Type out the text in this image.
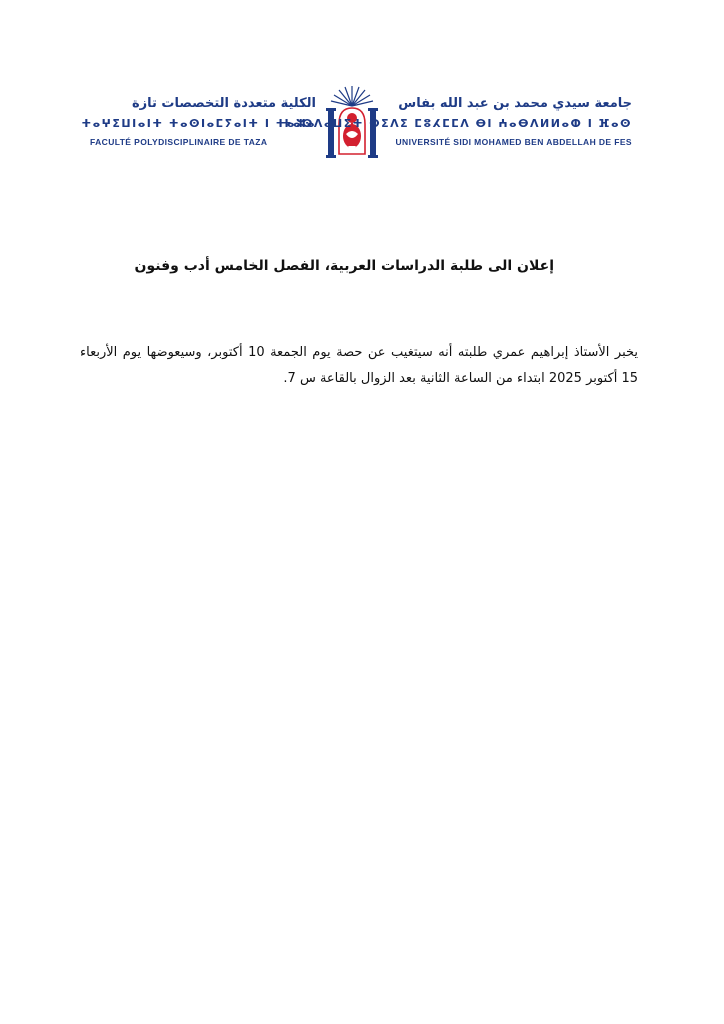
الكلية متعددة التخصصات تازة
ⵜⴰⵖⵉⵡⵏⴰⵏⵜ ⵜⴰⵙⵏⴰⵎⵢⴰⵏⵜ ⵏ ⵜⴰⵣⴰ
FACULTÉ POLYDISCIPLINAIRE DE TAZA
جامعة سيدي محمد بن عبد الله بفاس
ⵜⴰⵙⴷⴰⵡⵉⵜ ⵙⵉⴷⵉ ⵎⵓⵃⵎⵎⴷ ⴱⵏ ⵄⴰⴱⴷⵍⵍⴰⵀ ⵏ ⴼⴰⵙ
UNIVERSITÉ SIDI MOHAMED BEN ABDELLAH DE FES
إعلان الى طلبة الدراسات العربية، الفصل الخامس أدب وفنون

يخبر الأستاذ إبراهيم عمري طلبته أنه سيتغيب عن حصة يوم الجمعة 10 أكتوبر، وسيعوضها يوم الأربعاء 15 أكتوبر 2025 ابتداء من الساعة الثانية بعد الزوال بالقاعة س 7.
